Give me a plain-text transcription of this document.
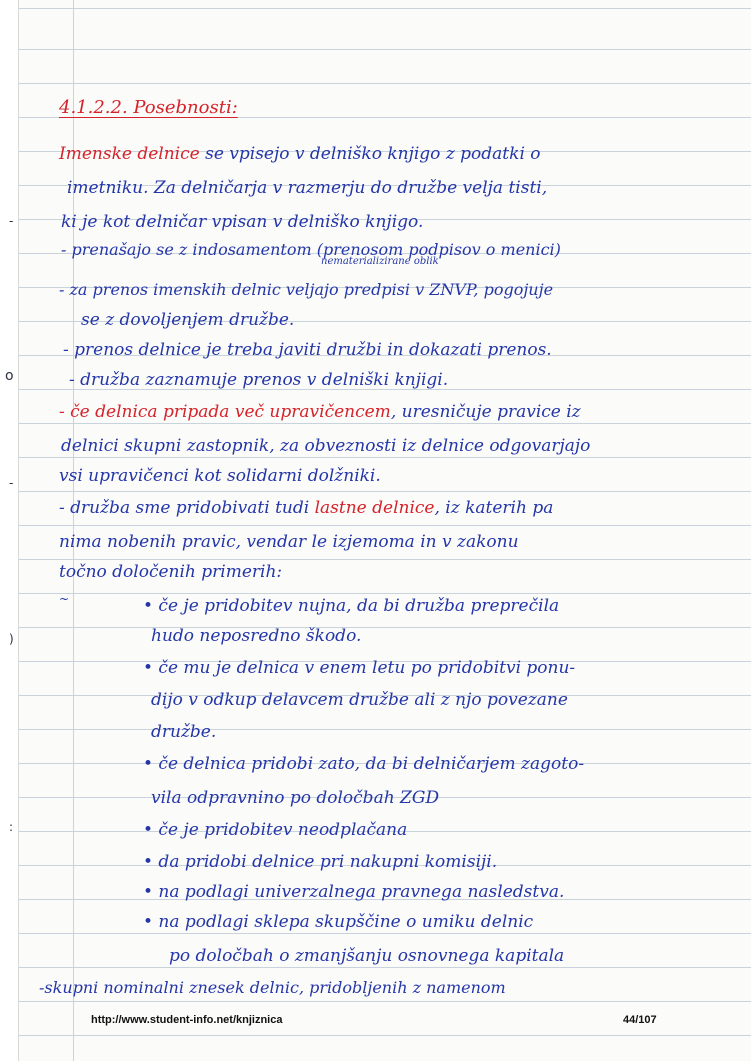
-
o
-
~
)
:
4.1.2.2. Posebnosti:
Imenske delnice se vpisejo v delniško knjigo z podatki o
imetniku. Za delničarja v razmerju do družbe velja tisti,
ki je kot delničar vpisan v delniško knjigo.
- prenašajo se z indosamentom (prenosom podpisov o menici)
nematerializirane oblik
- za prenos imenskih delnic veljajo predpisi v ZNVP, pogojuje
se z dovoljenjem družbe.
- prenos delnice je treba javiti družbi in dokazati prenos.
- družba zaznamuje prenos v delniški knjigi.
- če delnica pripada več upravičencem, uresničuje pravice iz
delnici skupni zastopnik, za obveznosti iz delnice odgovarjajo
vsi upravičenci kot solidarni dolžniki.
- družba sme pridobivati tudi lastne delnice, iz katerih pa
nima nobenih pravic, vendar le izjemoma in v zakonu
točno določenih primerih:
• če je pridobitev nujna, da bi družba preprečila
hudo neposredno škodo.
• če mu je delnica v enem letu po pridobitvi ponu-
dijo v odkup delavcem družbe ali z njo povezane
družbe.
• če delnica pridobi zato, da bi delničarjem zagoto-
vila odpravnino po določbah ZGD
• če je pridobitev neodplačana
• da pridobi delnice pri nakupni komisiji.
• na podlagi univerzalnega pravnega nasledstva.
• na podlagi sklepa skupščine o umiku delnic
po določbah o zmanjšanju osnovnega kapitala
-skupni nominalni znesek delnic, pridobljenih z namenom
http://www.student-info.net/knjiznica	44/107
